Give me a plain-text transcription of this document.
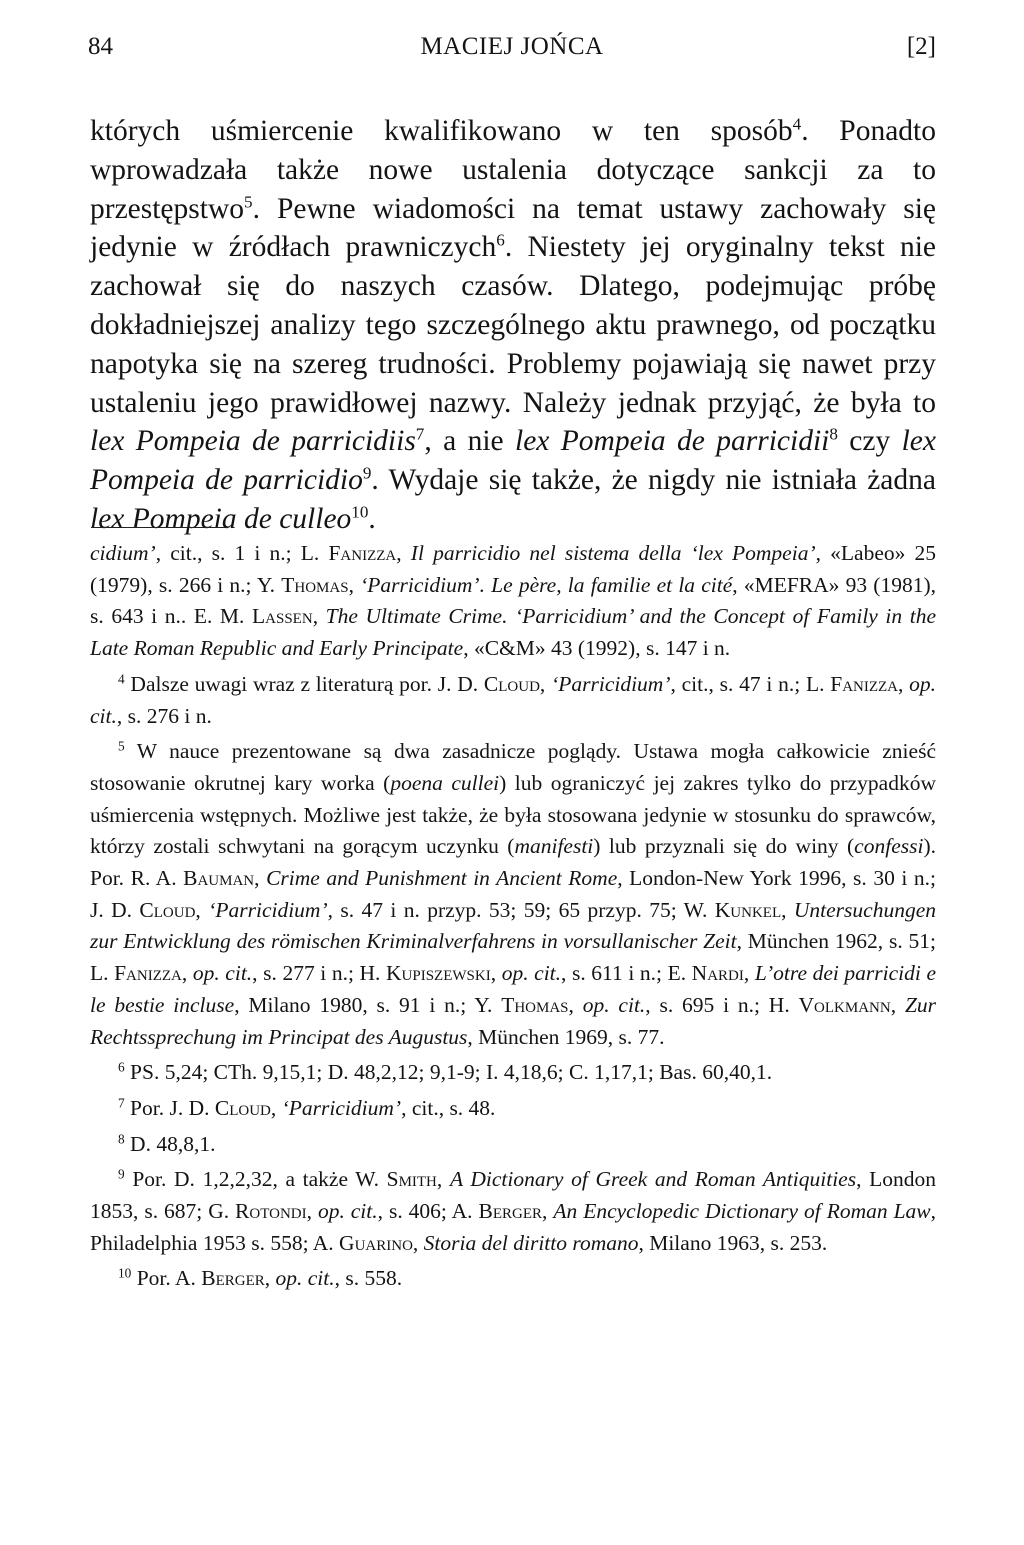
84	MACIEJ JOŃCA	[2]

których uśmiercenie kwalifikowano w ten sposób$^4$. Ponadto wprowadzała także nowe ustalenia dotyczące sankcji za to przestępstwo$^5$. Pewne wiadomości na temat ustawy zachowały się jedynie w źródłach prawniczych$^6$. Niestety jej oryginalny tekst nie zachował się do naszych czasów. Dlatego, podejmując próbę dokładniejszej analizy tego szczególnego aktu prawnego, od początku napotyka się na szereg trudności. Problemy pojawiają się nawet przy ustaleniu jego prawidłowej nazwy. Należy jednak przyjąć, że była to lex Pompeia de parricidiis$^7$, a nie lex Pompeia de parricidii$^8$ czy lex Pompeia de parricidio$^9$. Wydaje się także, że nigdy nie istniała żadna lex Pompeia de culleo$^{10}$.

cidium’, cit., s. 1 i n.; L. Fanizza, Il parricidio nel sistema della ‘lex Pompeia’, «Labeo» 25 (1979), s. 266 i n.; Y. Thomas, ‘Parricidium’. Le père, la familie et la cité, «MEFRA» 93 (1981), s. 643 i n.. E. M. Lassen, The Ultimate Crime. ‘Parricidium’ and the Concept of Family in the Late Roman Republic and Early Principate, «C&M» 43 (1992), s. 147 i n.

$^4$ Dalsze uwagi wraz z literaturą por. J. D. Cloud, ‘Parricidium’, cit., s. 47 i n.; L. Fanizza, op. cit., s. 276 i n.

$^5$ W nauce prezentowane są dwa zasadnicze poglądy. Ustawa mogła całkowicie znieść stosowanie okrutnej kary worka (poena cullei) lub ograniczyć jej zakres tylko do przypadków uśmiercenia wstępnych. Możliwe jest także, że była stosowana jedynie w stosunku do sprawców, którzy zostali schwytani na gorącym uczynku (manifesti) lub przyznali się do winy (confessi). Por. R. A. Bauman, Crime and Punishment in Ancient Rome, London-New York 1996, s. 30 i n.; J. D. Cloud, ‘Parricidium’, s. 47 i n. przyp. 53; 59; 65 przyp. 75; W. Kunkel, Untersuchungen zur Entwicklung des römischen Kriminalverfahrens in vorsullanischer Zeit, München 1962, s. 51; L. Fanizza, op. cit., s. 277 i n.; H. Kupiszewski, op. cit., s. 611 i n.; E. Nardi, L’otre dei parricidi e le bestie incluse, Milano 1980, s. 91 i n.; Y. Thomas, op. cit., s. 695 i n.; H. Volkmann, Zur Rechtssprechung im Principat des Augustus, München 1969, s. 77.

$^6$ PS. 5,24; CTh. 9,15,1; D. 48,2,12; 9,1-9; I. 4,18,6; C. 1,17,1; Bas. 60,40,1.

$^7$ Por. J. D. Cloud, ‘Parricidium’, cit., s. 48.

$^8$ D. 48,8,1.

$^9$ Por. D. 1,2,2,32, a także W. Smith, A Dictionary of Greek and Roman Antiquities, London 1853, s. 687; G. Rotondi, op. cit., s. 406; A. Berger, An Encyclopedic Dictionary of Roman Law, Philadelphia 1953 s. 558; A. Guarino, Storia del diritto romano, Milano 1963, s. 253.

$^{10}$ Por. A. Berger, op. cit., s. 558.
